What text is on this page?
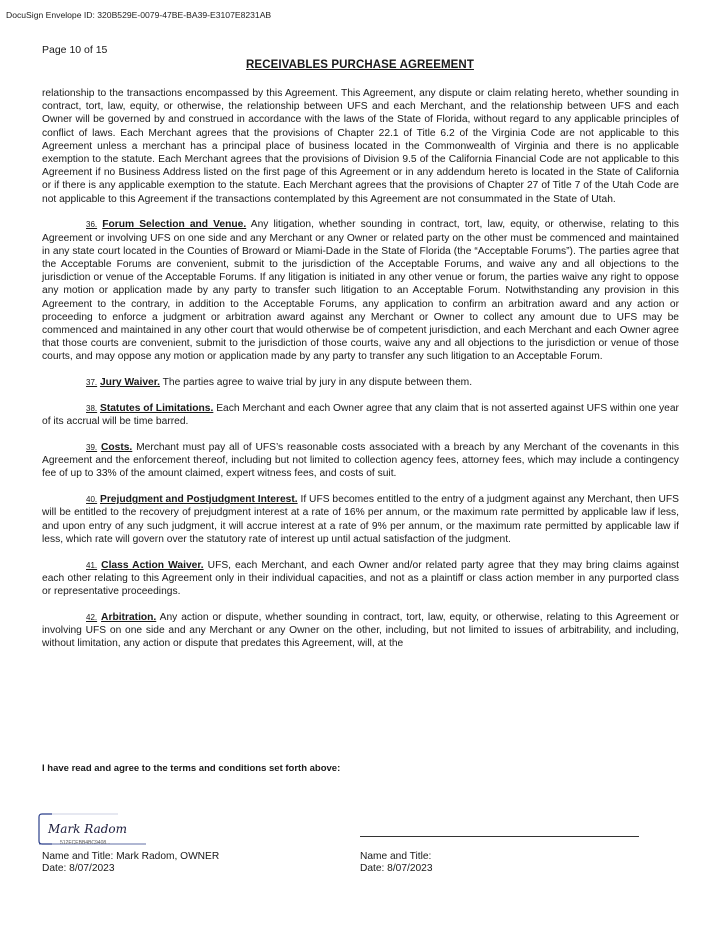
DocuSign Envelope ID: 320B529E-0079-47BE-BA39-E3107E8231AB
Page 10 of 15
RECEIVABLES PURCHASE AGREEMENT

relationship to the transactions encompassed by this Agreement. This Agreement, any dispute or claim relating hereto, whether sounding in contract, tort, law, equity, or otherwise, the relationship between UFS and each Merchant, and the relationship between UFS and each Owner will be governed by and construed in accordance with the laws of the State of Florida, without regard to any applicable principles of conflict of laws. Each Merchant agrees that the provisions of Chapter 22.1 of Title 6.2 of the Virginia Code are not applicable to this Agreement unless a merchant has a principal place of business located in the Commonwealth of Virginia and there is no applicable exemption to the statute. Each Merchant agrees that the provisions of Division 9.5 of the California Financial Code are not applicable to this Agreement if no Business Address listed on the first page of this Agreement or in any addendum hereto is located in the State of California or if there is any applicable exemption to the statute. Each Merchant agrees that the provisions of Chapter 27 of Title 7 of the Utah Code are not applicable to this Agreement if the transactions contemplated by this Agreement are not consummated in the State of Utah.

36. Forum Selection and Venue. Any litigation, whether sounding in contract, tort, law, equity, or otherwise, relating to this Agreement or involving UFS on one side and any Merchant or any Owner or related party on the other must be commenced and maintained in any state court located in the Counties of Broward or Miami-Dade in the State of Florida (the “Acceptable Forums”). The parties agree that the Acceptable Forums are convenient, submit to the jurisdiction of the Acceptable Forums, and waive any and all objections to the jurisdiction or venue of the Acceptable Forums. If any litigation is initiated in any other venue or forum, the parties waive any right to oppose any motion or application made by any party to transfer such litigation to an Acceptable Forum. Notwithstanding any provision in this Agreement to the contrary, in addition to the Acceptable Forums, any application to confirm an arbitration award and any action or proceeding to enforce a judgment or arbitration award against any Merchant or Owner to collect any amount due to UFS may be commenced and maintained in any other court that would otherwise be of competent jurisdiction, and each Merchant and each Owner agree that those courts are convenient, submit to the jurisdiction of those courts, waive any and all objections to the jurisdiction or venue of those courts, and may oppose any motion or application made by any party to transfer any such litigation to an Acceptable Forum.

37. Jury Waiver. The parties agree to waive trial by jury in any dispute between them.

38. Statutes of Limitations. Each Merchant and each Owner agree that any claim that is not asserted against UFS within one year of its accrual will be time barred.

39. Costs. Merchant must pay all of UFS’s reasonable costs associated with a breach by any Merchant of the covenants in this Agreement and the enforcement thereof, including but not limited to collection agency fees, attorney fees, which may include a contingency fee of up to 33% of the amount claimed, expert witness fees, and costs of suit.

40. Prejudgment and Postjudgment Interest. If UFS becomes entitled to the entry of a judgment against any Merchant, then UFS will be entitled to the recovery of prejudgment interest at a rate of 16% per annum, or the maximum rate permitted by applicable law if less, and upon entry of any such judgment, it will accrue interest at a rate of 9% per annum, or the maximum rate permitted by applicable law if less, which rate will govern over the statutory rate of interest up until actual satisfaction of the judgment.

41. Class Action Waiver. UFS, each Merchant, and each Owner and/or related party agree that they may bring claims against each other relating to this Agreement only in their individual capacities, and not as a plaintiff or class action member in any purported class or representative proceedings.

42. Arbitration. Any action or dispute, whether sounding in contract, tort, law, equity, or otherwise, relating to this Agreement or involving UFS on one side and any Merchant or any Owner on the other, including, but not limited to issues of arbitrability, and including, without limitation, any action or dispute that predates this Agreement, will, at the

I have read and agree to the terms and conditions set forth above:
Mark Radom
512ECEBB4BC9408...
Name and Title: Mark Radom, OWNER
Date: 8/07/2023
Name and Title:
Date: 8/07/2023
